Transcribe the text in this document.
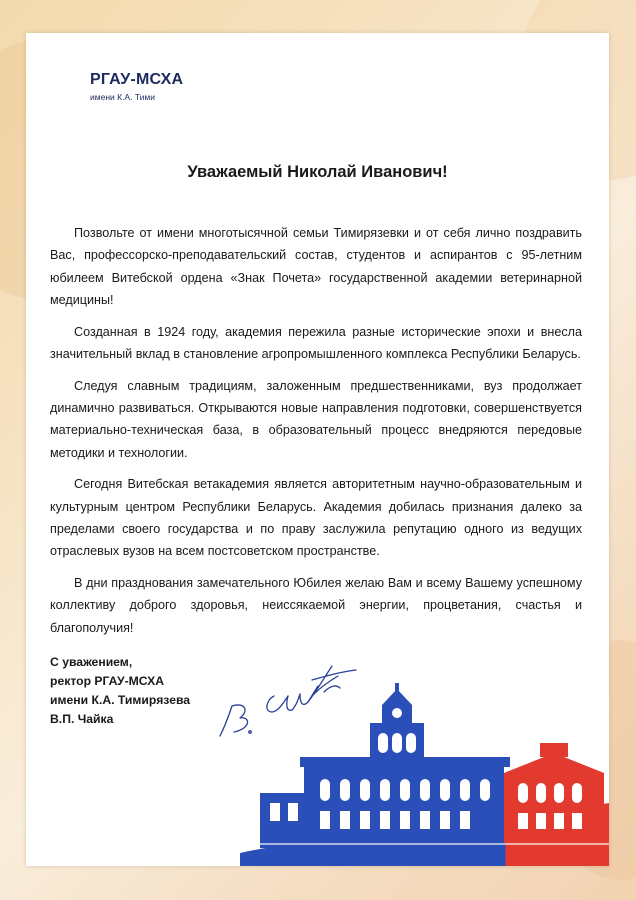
РГАУ-МСХА
имени К.А. Тими
Уважаемый Николай Иванович!

Позвольте от имени многотысячной семьи Тимирязевки и от себя лично поздравить Вас, профессорско-преподавательский состав, студентов и аспирантов с 95-летним юбилеем Витебской ордена «Знак Почета» государственной академии ветеринарной медицины!

Созданная в 1924 году, академия пережила разные исторические эпохи и внесла значительный вклад в становление агропромышленного комплекса Республики Беларусь.

Следуя славным традициям, заложенным предшественниками, вуз продолжает динамично развиваться. Открываются новые направления подготовки, совершенствуется материально-техническая база, в образовательный процесс внедряются передовые методики и технологии.

Сегодня Витебская ветакадемия является авторитетным научно-образовательным и культурным центром Республики Беларусь. Академия добилась признания далеко за пределами своего государства и по праву заслужила репутацию одного из ведущих отраслевых вузов на всем постсоветском пространстве.

В дни празднования замечательного Юбилея желаю Вам и всему Вашему успешному коллективу доброго здоровья, неиссякаемой энергии, процветания, счастья и благополучия!

С уважением,
ректор РГАУ-МСХА
имени К.А. Тимирязева
В.П. Чайка
